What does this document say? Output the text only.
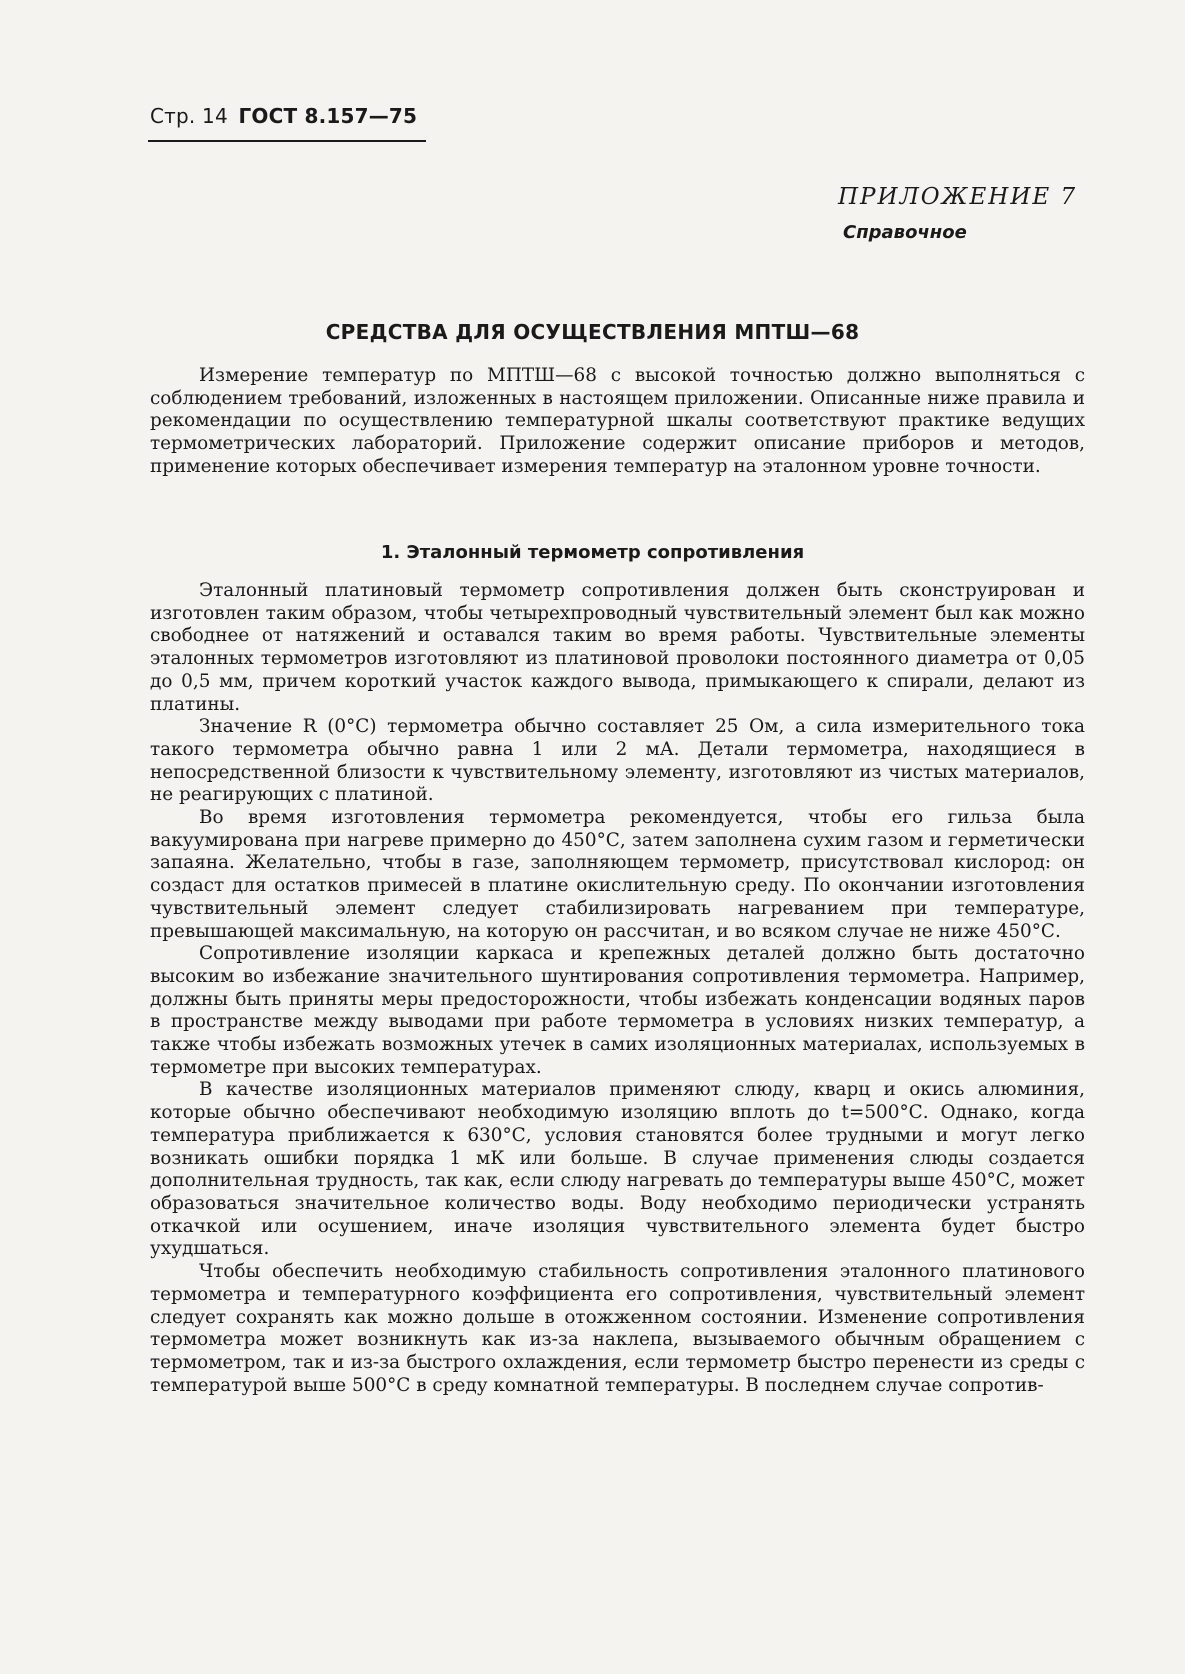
Стр. 14 ГОСТ 8.157—75
ПРИЛОЖЕНИЕ 7
Справочное
СРЕДСТВА ДЛЯ ОСУЩЕСТВЛЕНИЯ МПТШ—68

Измерение температур по МПТШ—68 с высокой точностью должно выполняться с соблюдением требований, изложенных в настоящем приложении. Описанные ниже правила и рекомендации по осуществлению температурной шкалы соответствуют практике ведущих термометрических лабораторий. Приложение содержит описание приборов и методов, применение которых обеспечивает измерения температур на эталонном уровне точности.

1. Эталонный термометр сопротивления

Эталонный платиновый термометр сопротивления должен быть сконструирован и изготовлен таким образом, чтобы четырехпроводный чувствительный элемент был как можно свободнее от натяжений и оставался таким во время работы. Чувствительные элементы эталонных термометров изготовляют из платиновой проволоки постоянного диаметра от 0,05 до 0,5 мм, причем короткий участок каждого вывода, примыкающего к спирали, делают из платины.

Значение R (0°С) термометра обычно составляет 25 Ом, а сила измерительного тока такого термометра обычно равна 1 или 2 мА. Детали термометра, находящиеся в непосредственной близости к чувствительному элементу, изготовляют из чистых материалов, не реагирующих с платиной.

Во время изготовления термометра рекомендуется, чтобы его гильза была вакуумирована при нагреве примерно до 450°С, затем заполнена сухим газом и герметически запаяна. Желательно, чтобы в газе, заполняющем термометр, присутствовал кислород: он создаст для остатков примесей в платине окислительную среду. По окончании изготовления чувствительный элемент следует стабилизировать нагреванием при температуре, превышающей максимальную, на которую он рассчитан, и во всяком случае не ниже 450°С.

Сопротивление изоляции каркаса и крепежных деталей должно быть достаточно высоким во избежание значительного шунтирования сопротивления термометра. Например, должны быть приняты меры предосторожности, чтобы избежать конденсации водяных паров в пространстве между выводами при работе термометра в условиях низких температур, а также чтобы избежать возможных утечек в самих изоляционных материалах, используемых в термометре при высоких температурах.

В качестве изоляционных материалов применяют слюду, кварц и окись алюминия, которые обычно обеспечивают необходимую изоляцию вплоть до t=500°С. Однако, когда температура приближается к 630°С, условия становятся более трудными и могут легко возникать ошибки порядка 1 мК или больше. В случае применения слюды создается дополнительная трудность, так как, если слюду нагревать до температуры выше 450°С, может образоваться значительное количество воды. Воду необходимо периодически устранять откачкой или осушением, иначе изоляция чувствительного элемента будет быстро ухудшаться.

Чтобы обеспечить необходимую стабильность сопротивления эталонного платинового термометра и температурного коэффициента его сопротивления, чувствительный элемент следует сохранять как можно дольше в отожженном состоянии. Изменение сопротивления термометра может возникнуть как из-за наклепа, вызываемого обычным обращением с термометром, так и из-за быстрого охлаждения, если термометр быстро перенести из среды с температурой выше 500°С в среду комнатной температуры. В последнем случае сопротив-
